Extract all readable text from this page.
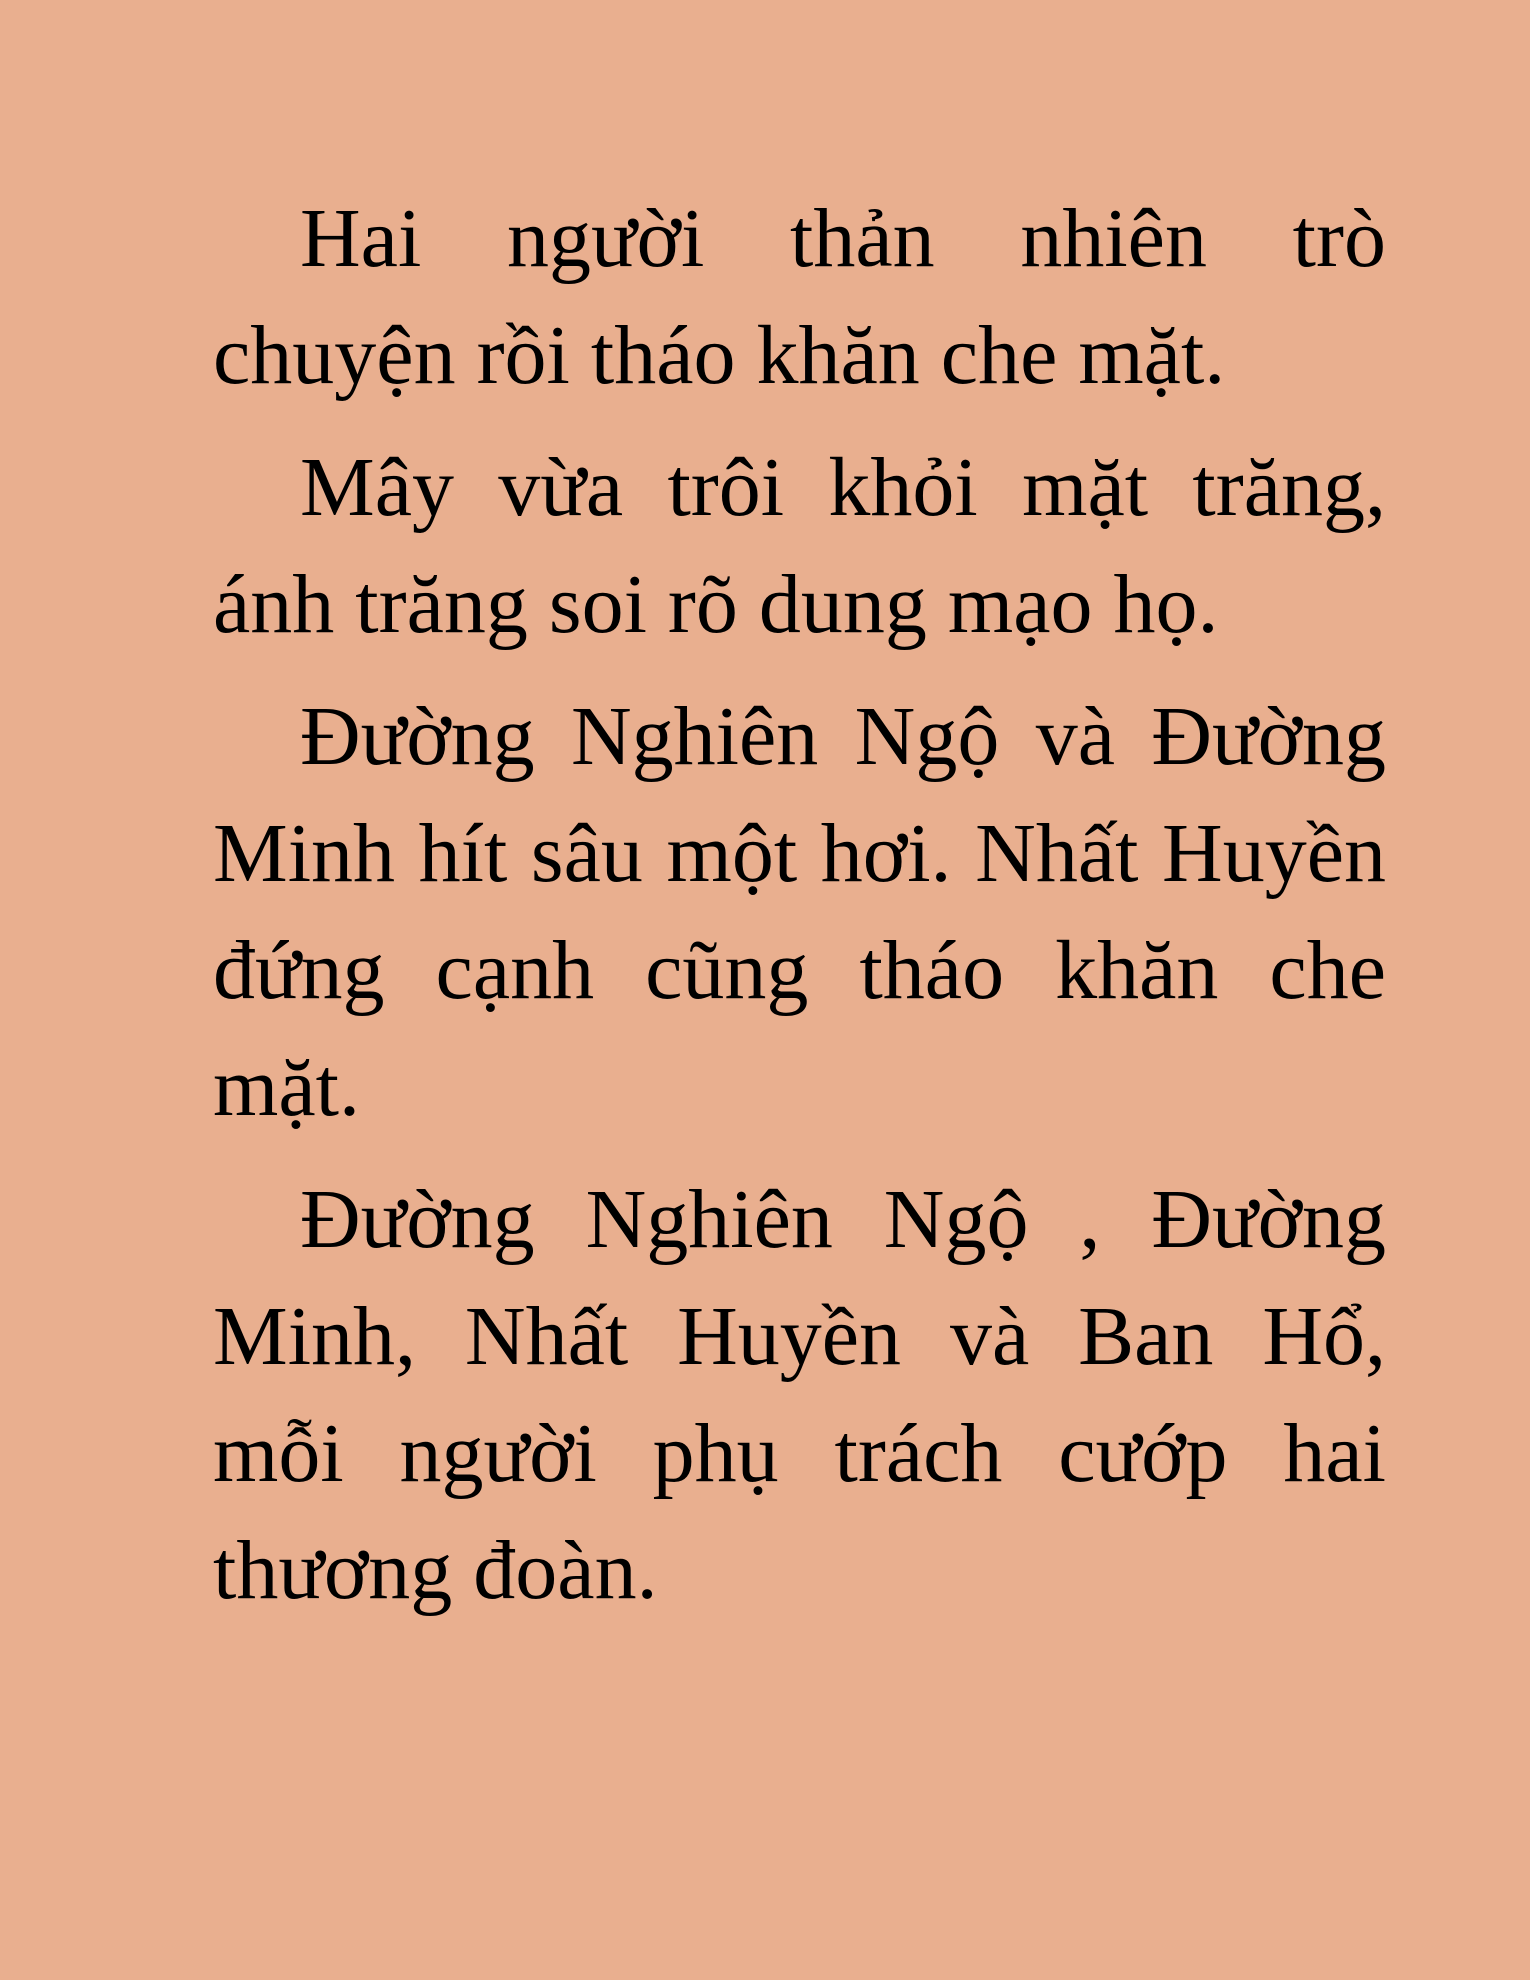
Hai người thản nhiên trò chuyện rồi tháo khăn che mặt.

Mây vừa trôi khỏi mặt trăng, ánh trăng soi rõ dung mạo họ.

Đường Nghiên Ngộ và Đường Minh hít sâu một hơi. Nhất Huyền đứng cạnh cũng tháo khăn che mặt.

Đường Nghiên Ngộ , Đường Minh, Nhất Huyền và Ban Hổ, mỗi người phụ trách cướp hai thương đoàn.
